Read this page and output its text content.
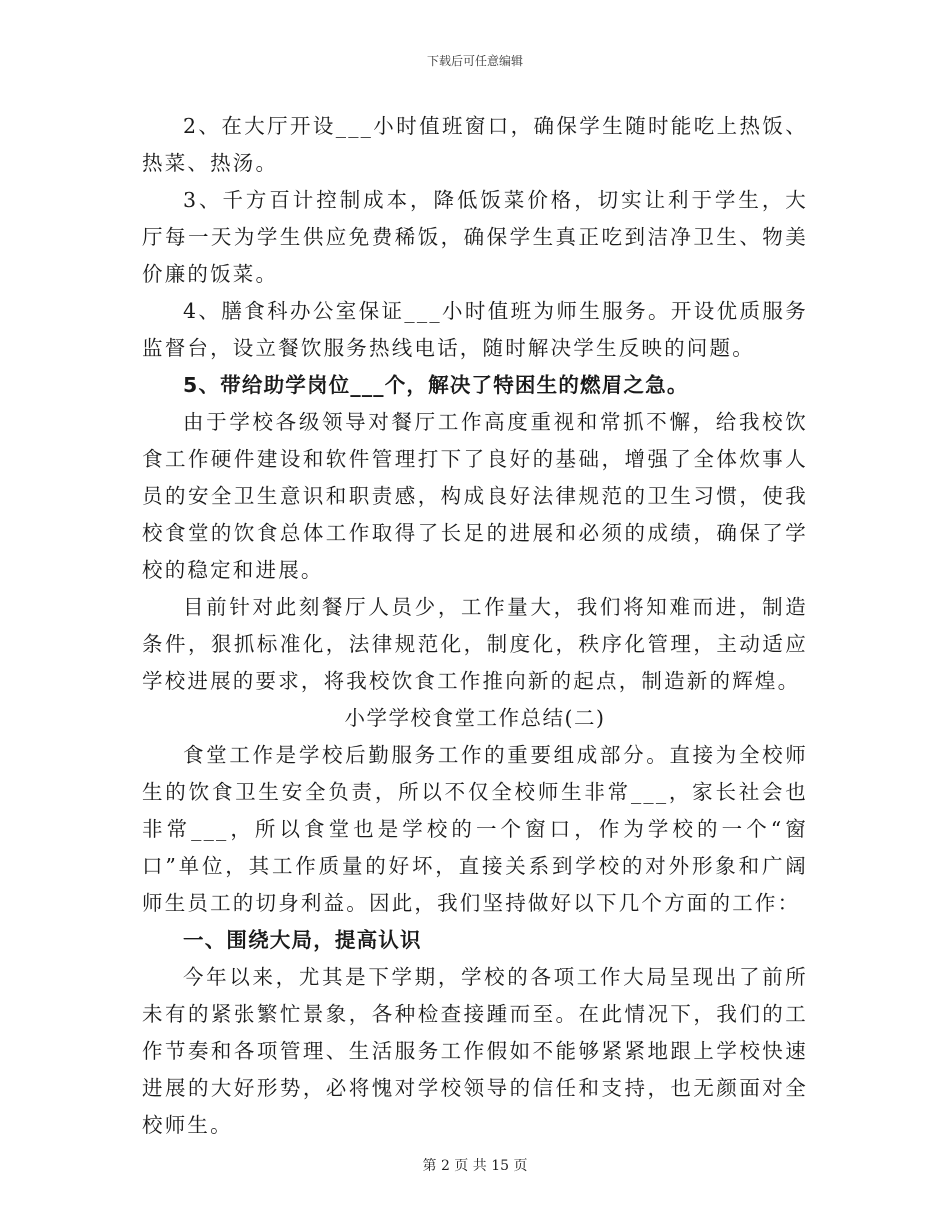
下载后可任意编辑

2、在大厅开设___小时值班窗口，确保学生随时能吃上热饭、热菜、热汤。

3、千方百计控制成本，降低饭菜价格，切实让利于学生，大厅每一天为学生供应免费稀饭，确保学生真正吃到洁净卫生、物美价廉的饭菜。

4、膳食科办公室保证___小时值班为师生服务。开设优质服务监督台，设立餐饮服务热线电话，随时解决学生反映的问题。

5、带给助学岗位___个，解决了特困生的燃眉之急。

由于学校各级领导对餐厅工作高度重视和常抓不懈，给我校饮食工作硬件建设和软件管理打下了良好的基础，增强了全体炊事人员的安全卫生意识和职责感，构成良好法律规范的卫生习惯，使我校食堂的饮食总体工作取得了长足的进展和必须的成绩，确保了学校的稳定和进展。

目前针对此刻餐厅人员少，工作量大，我们将知难而进，制造条件，狠抓标准化，法律规范化，制度化，秩序化管理，主动适应学校进展的要求，将我校饮食工作推向新的起点，制造新的辉煌。

小学学校食堂工作总结(二)

食堂工作是学校后勤服务工作的重要组成部分。直接为全校师生的饮食卫生安全负责，所以不仅全校师生非常___，家长社会也非常___，所以食堂也是学校的一个窗口，作为学校的一个“窗口”单位，其工作质量的好坏，直接关系到学校的对外形象和广阔师生员工的切身利益。因此，我们坚持做好以下几个方面的工作：

一、围绕大局，提高认识

今年以来，尤其是下学期，学校的各项工作大局呈现出了前所未有的紧张繁忙景象，各种检查接踵而至。在此情况下，我们的工作节奏和各项管理、生活服务工作假如不能够紧紧地跟上学校快速进展的大好形势，必将愧对学校领导的信任和支持，也无颜面对全校师生。

第 2 页 共 15 页
